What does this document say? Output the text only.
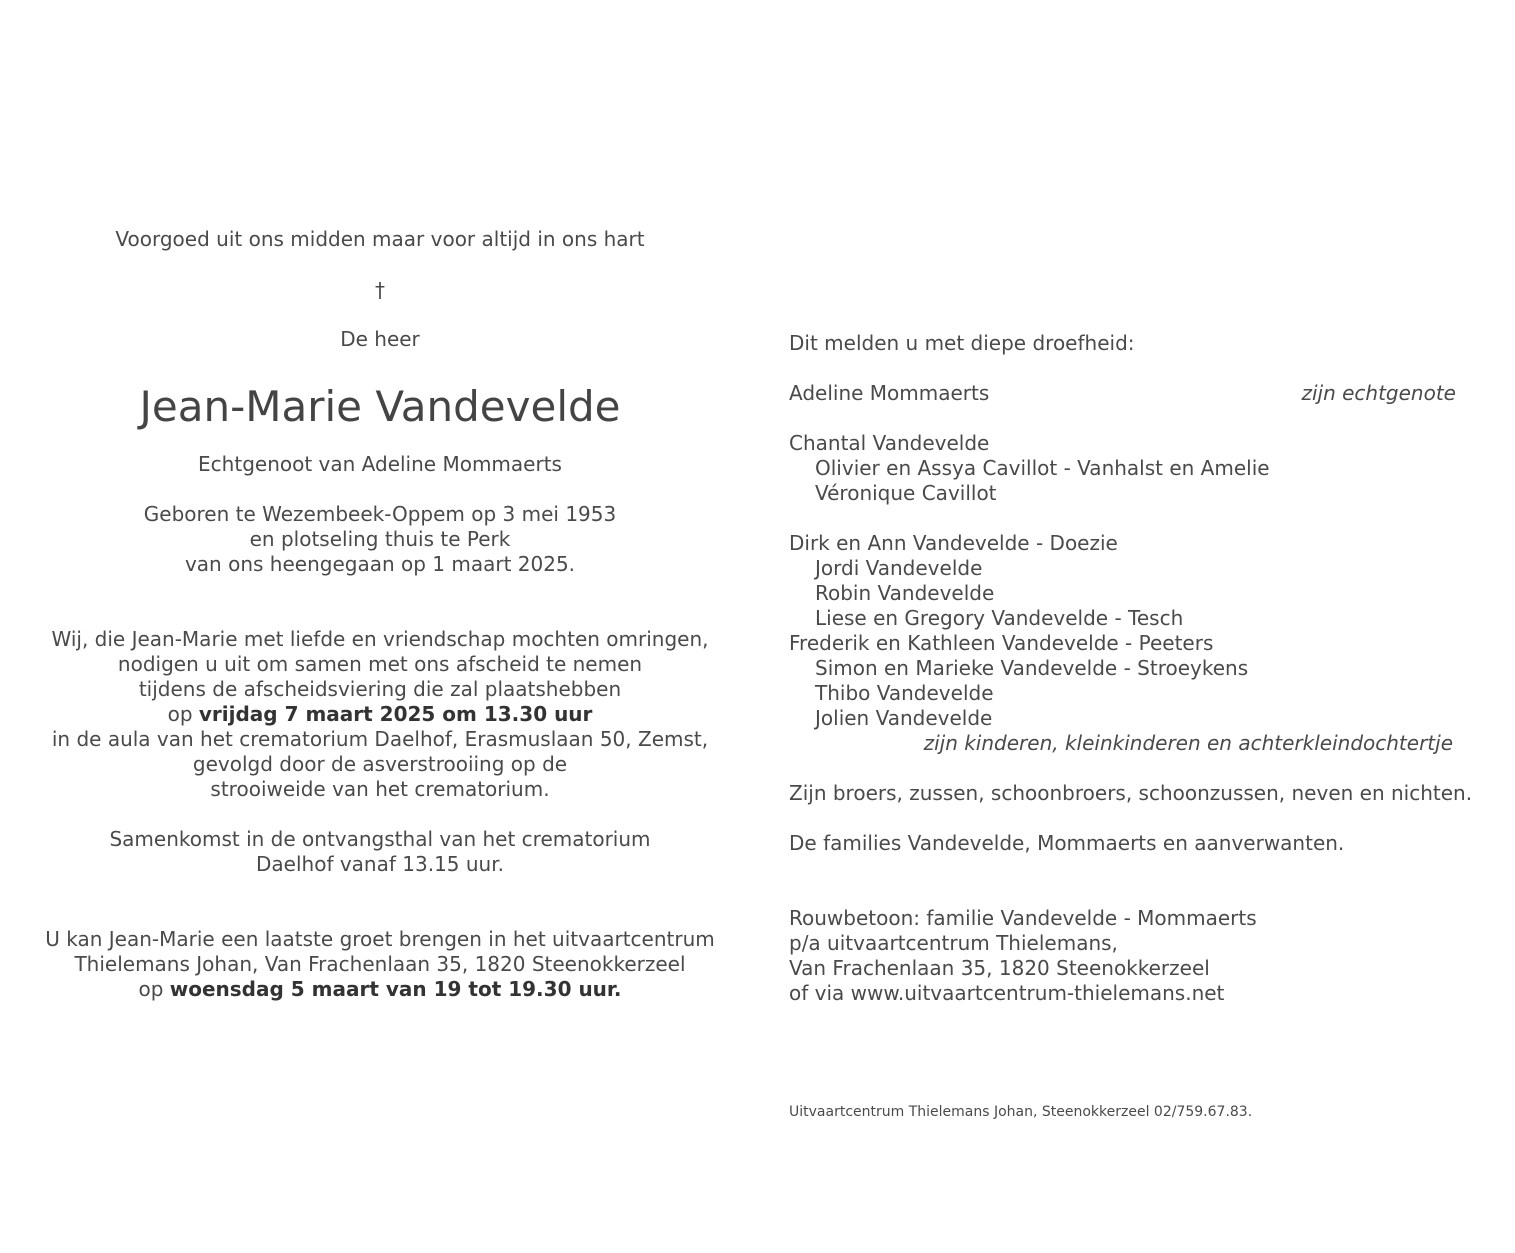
Voorgoed uit ons midden maar voor altijd in ons hart
†
De heer
Jean-Marie Vandevelde
Echtgenoot van Adeline Mommaerts
Geboren te Wezembeek-Oppem op 3 mei 1953
en plotseling thuis te Perk
van ons heengegaan op 1 maart 2025.
Wij, die Jean-Marie met liefde en vriendschap mochten omringen,
nodigen u uit om samen met ons afscheid te nemen
tijdens de afscheidsviering die zal plaatshebben
op vrijdag 7 maart 2025 om 13.30 uur
in de aula van het crematorium Daelhof, Erasmuslaan 50, Zemst,
gevolgd door de asverstrooiing op de
strooiweide van het crematorium.
Samenkomst in de ontvangsthal van het crematorium
Daelhof vanaf 13.15 uur.
U kan Jean-Marie een laatste groet brengen in het uitvaartcentrum
Thielemans Johan, Van Frachenlaan 35, 1820 Steenokkerzeel
op woensdag 5 maart van 19 tot 19.30 uur.
Dit melden u met diepe droefheid:
Adeline Mommaerts	zijn echtgenote
Chantal Vandevelde
Olivier en Assya Cavillot - Vanhalst en Amelie
Véronique Cavillot
Dirk en Ann Vandevelde - Doezie
Jordi Vandevelde
Robin Vandevelde
Liese en Gregory Vandevelde - Tesch
Frederik en Kathleen Vandevelde - Peeters
Simon en Marieke Vandevelde - Stroeykens
Thibo Vandevelde
Jolien Vandevelde
zijn kinderen, kleinkinderen en achterkleindochtertje
Zijn broers, zussen, schoonbroers, schoonzussen, neven en nichten.
De families Vandevelde, Mommaerts en aanverwanten.
Rouwbetoon: familie Vandevelde - Mommaerts
p/a uitvaartcentrum Thielemans,
Van Frachenlaan 35, 1820 Steenokkerzeel
of via www.uitvaartcentrum-thielemans.net
Uitvaartcentrum Thielemans Johan, Steenokkerzeel 02/759.67.83.
